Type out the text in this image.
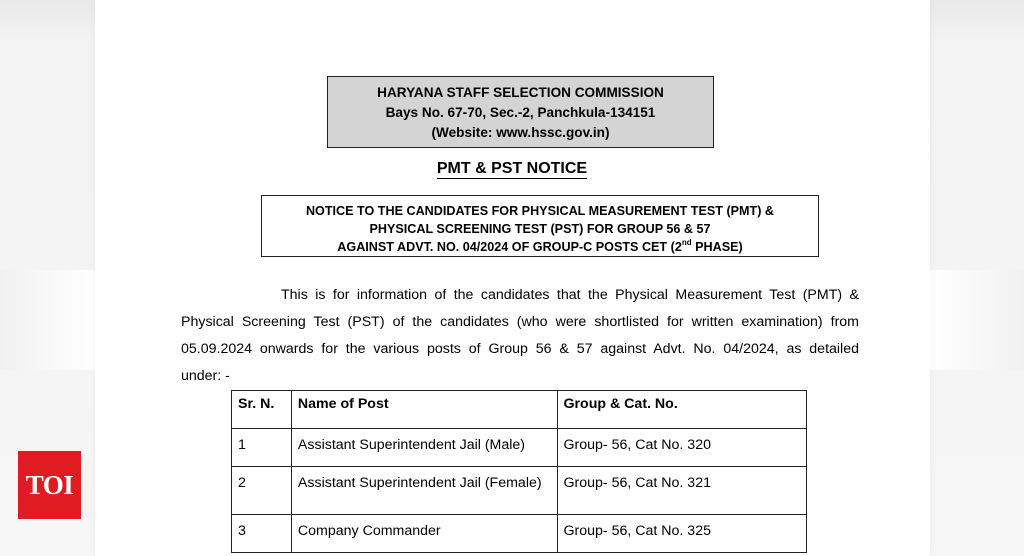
HARYANA STAFF SELECTION COMMISSION
Bays No. 67-70, Sec.-2, Panchkula-134151
(Website: www.hssc.gov.in)
PMT & PST NOTICE
NOTICE TO THE CANDIDATES FOR PHYSICAL MEASUREMENT TEST (PMT) &
PHYSICAL SCREENING TEST (PST) FOR GROUP 56 & 57
AGAINST ADVT. NO. 04/2024 OF GROUP-C POSTS CET (2nd PHASE)
This is for information of the candidates that the Physical Measurement Test (PMT) &
Physical Screening Test (PST) of the candidates (who were shortlisted for written examination) from
05.09.2024 onwards for the various posts of Group 56 & 57 against Advt. No. 04/2024, as detailed
under: -
Sr. N.	Name of Post	Group & Cat. No.
1	Assistant Superintendent Jail (Male)	Group- 56, Cat No. 320
2	Assistant Superintendent Jail (Female)	Group- 56, Cat No. 321
3	Company Commander	Group- 56, Cat No. 325
TOI
